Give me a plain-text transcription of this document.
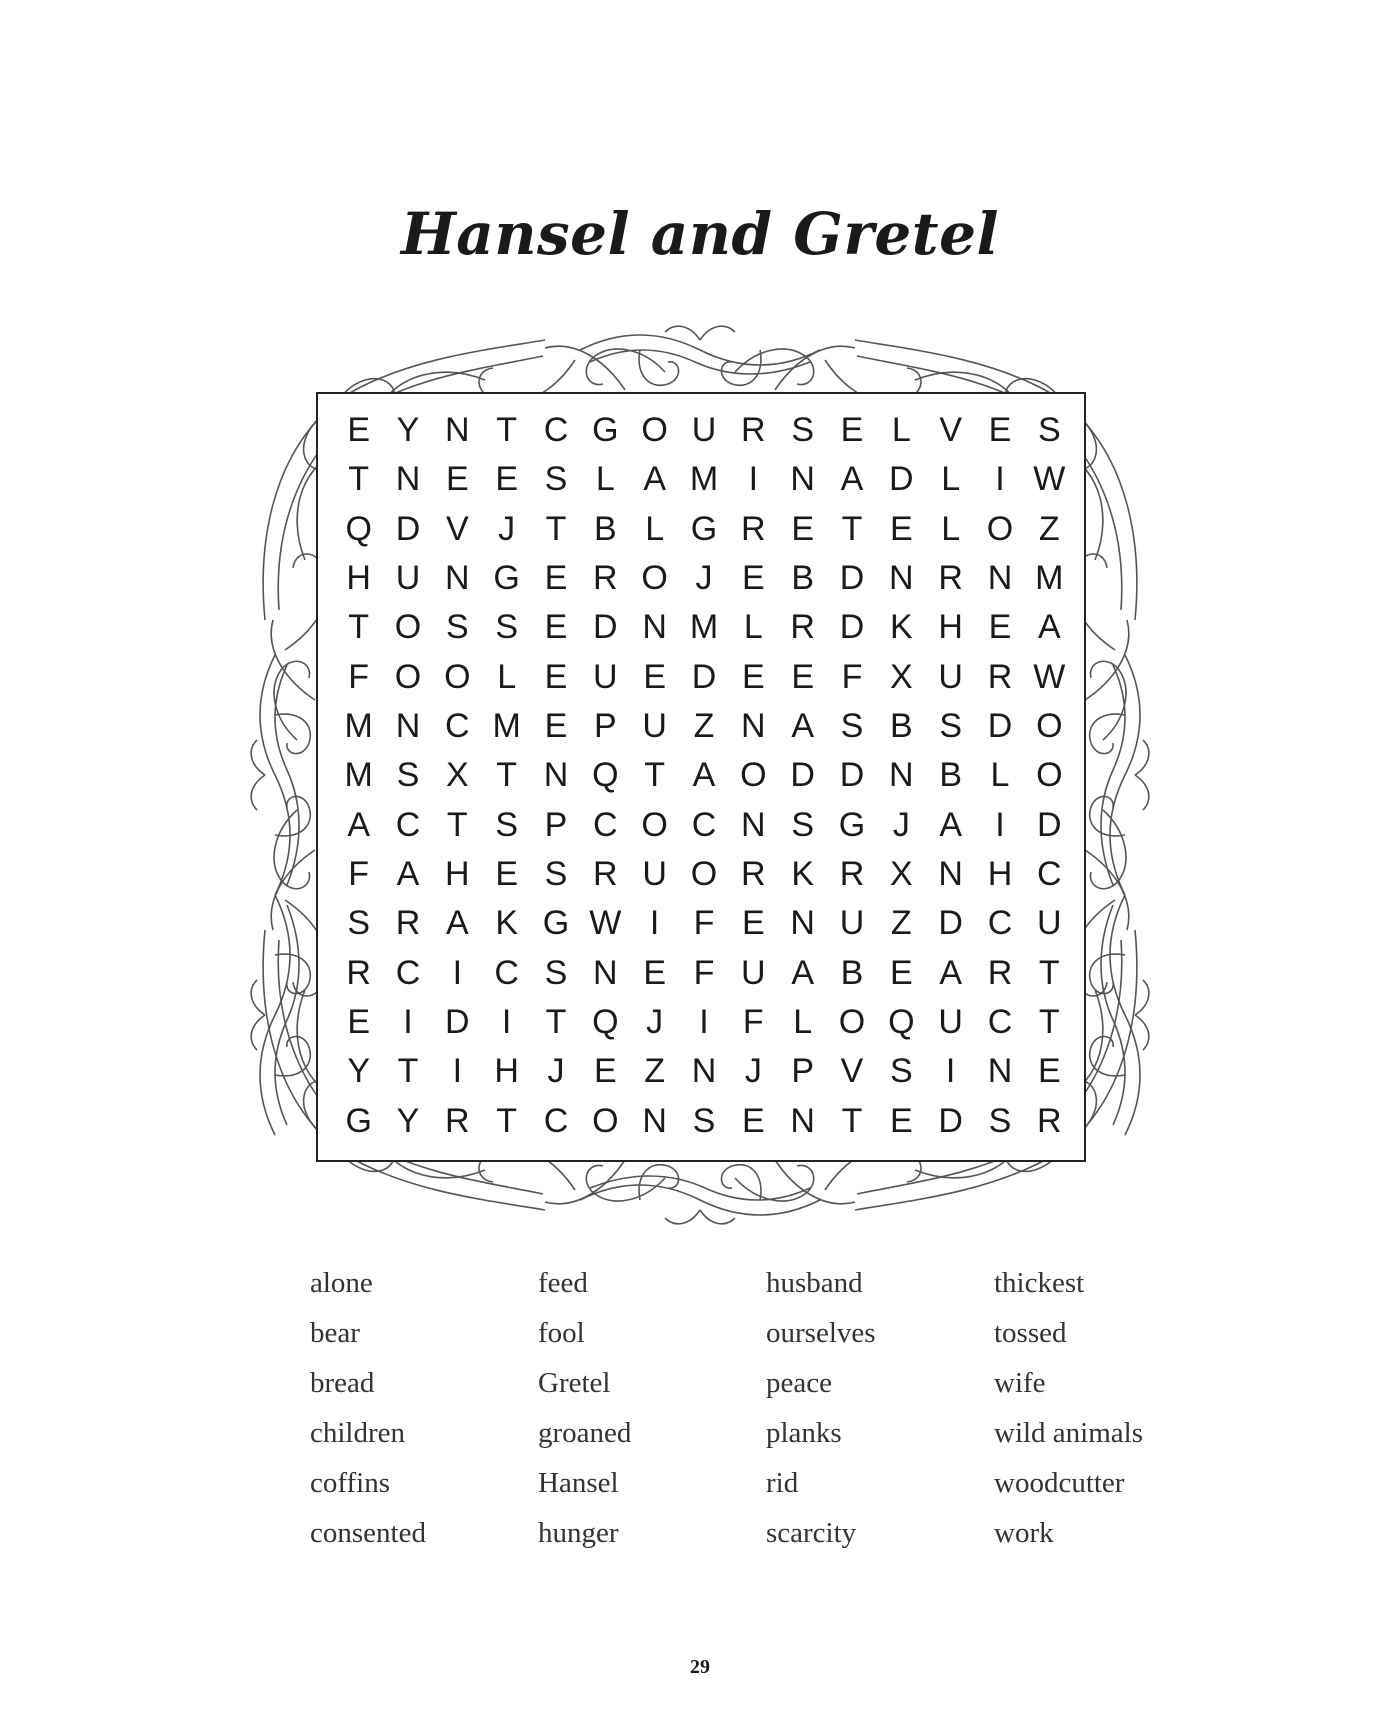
Hansel and Gretel
E Y N T C G O U R S E L V E S
T N E E S L A M I N A D L	I W
Q D V J T B L G R E T E L O Z
H U N G E R O J E B D N R N M
T O S S E D N M L R D K H E A
F O O L E U E D E E F X U R W
M N C M E P U Z N A S B S D O
M S X T N Q T A O D D N B L O
A C T S P C O C N S G J A I D
F A H E S R U O R K R X N H C
S R A K G W I	F E N U Z D C U
R C I C S N E F U A B E A R T
E I D I	T Q J	I	F L O Q U C T
Y T	I H J E Z N J P V S I N E
G Y R T C O N S E N T E D S R
alone	feed	husband	thickest
bear	fool	ourselves	tossed
bread	Gretel	peace	wife
children	groaned	planks	wild animals
coffins	Hansel	rid	woodcutter
consented	hunger	scarcity	work
29
